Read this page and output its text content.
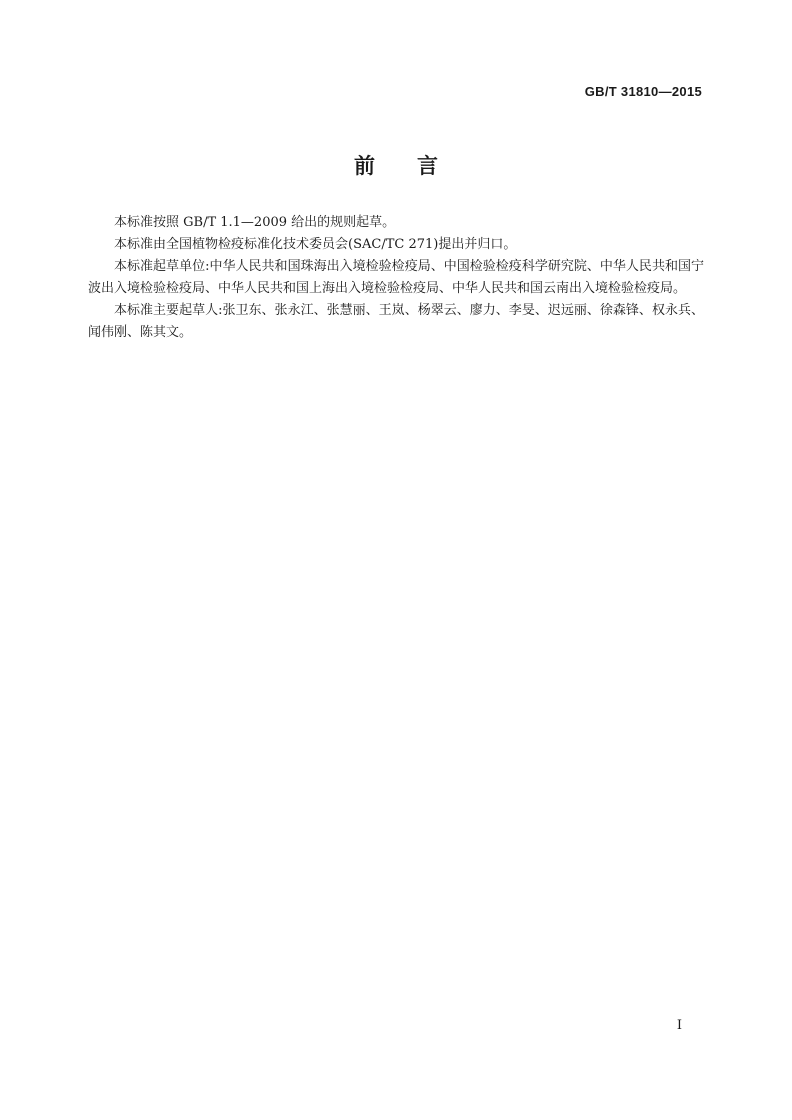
GB/T 31810—2015
前言

本标准按照 GB/T 1.1—2009 给出的规则起草。

本标准由全国植物检疫标准化技术委员会(SAC/TC 271)提出并归口。

本标准起草单位:中华人民共和国珠海出入境检验检疫局、中国检验检疫科学研究院、中华人民共和国宁波出入境检验检疫局、中华人民共和国上海出入境检验检疫局、中华人民共和国云南出入境检验检疫局。

本标准主要起草人:张卫东、张永江、张慧丽、王岚、杨翠云、廖力、李旻、迟远丽、徐森锋、权永兵、闻伟刚、陈其文。

I
